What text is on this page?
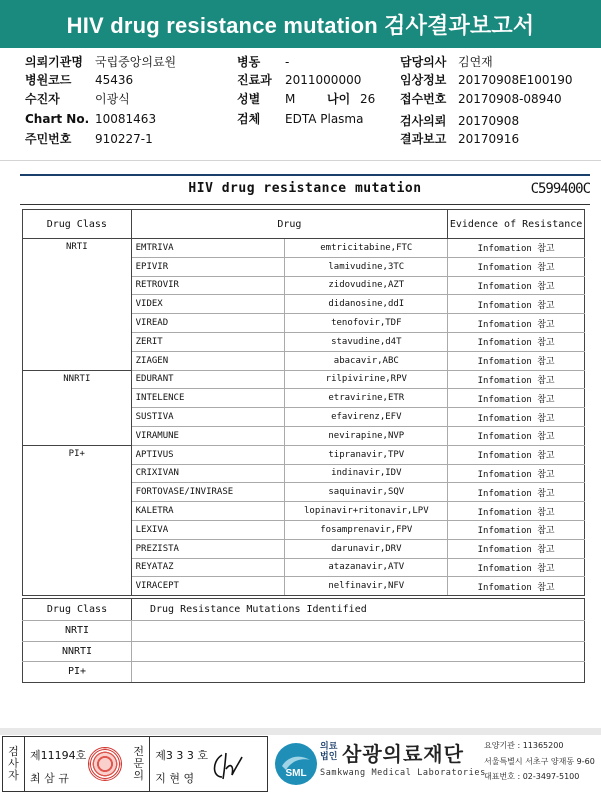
HIV drug resistance mutation 검사결과보고서
의뢰기관명 국립중앙의료원
병원코드 45436
수진자	이광식
Chart No. 10081463
주민번호 910227-1
병동 -
진료과 2011000000
성별 M
검체 EDTA Plasma
나이 26
담당의사 김연재
임상정보 20170908E100190
접수번호 20170908-08940
검사의뢰 20170908
결과보고 20170916
HIV drug resistance mutation	C599400C
Drug Class	Drug		Evidence of Resistance
NRTI	EMTRIVA	emtricitabine,FTC	Infomation 참고
	EPIVIR	lamivudine,3TC	Infomation 참고
	RETROVIR	zidovudine,AZT	Infomation 참고
	VIDEX	didanosine,ddI	Infomation 참고
	VIREAD	tenofovir,TDF	Infomation 참고
	ZERIT	stavudine,d4T	Infomation 참고
	ZIAGEN	abacavir,ABC	Infomation 참고
NNRTI	EDURANT	rilpivirine,RPV	Infomation 참고
	INTELENCE	etravirine,ETR	Infomation 참고
	SUSTIVA	efavirenz,EFV	Infomation 참고
	VIRAMUNE	nevirapine,NVP	Infomation 참고
PI+	APTIVUS	tipranavir,TPV	Infomation 참고
	CRIXIVAN	indinavir,IDV	Infomation 참고
	FORTOVASE/INVIRASE	saquinavir,SQV	Infomation 참고
	KALETRA	lopinavir+ritonavir,LPV	Infomation 참고
	LEXIVA	fosamprenavir,FPV	Infomation 참고
	PREZISTA	darunavir,DRV	Infomation 참고
	REYATAZ	atazanavir,ATV	Infomation 참고
	VIRACEPT	nelfinavir,NFV	Infomation 참고
Drug Class	Drug Resistance Mutations Identified
NRTI	
NNRTI	
PI+	
검
사
자
제11194호
최 삼 규
전
문
의
제3 3 3 호
지 현 영	SML
의료
법인 삼광의료재단
Samkwang Medical Laboratories
요양기관 : 11365200
서울특별시 서초구 양재동 9-60
대표번호 : 02-3497-5100
